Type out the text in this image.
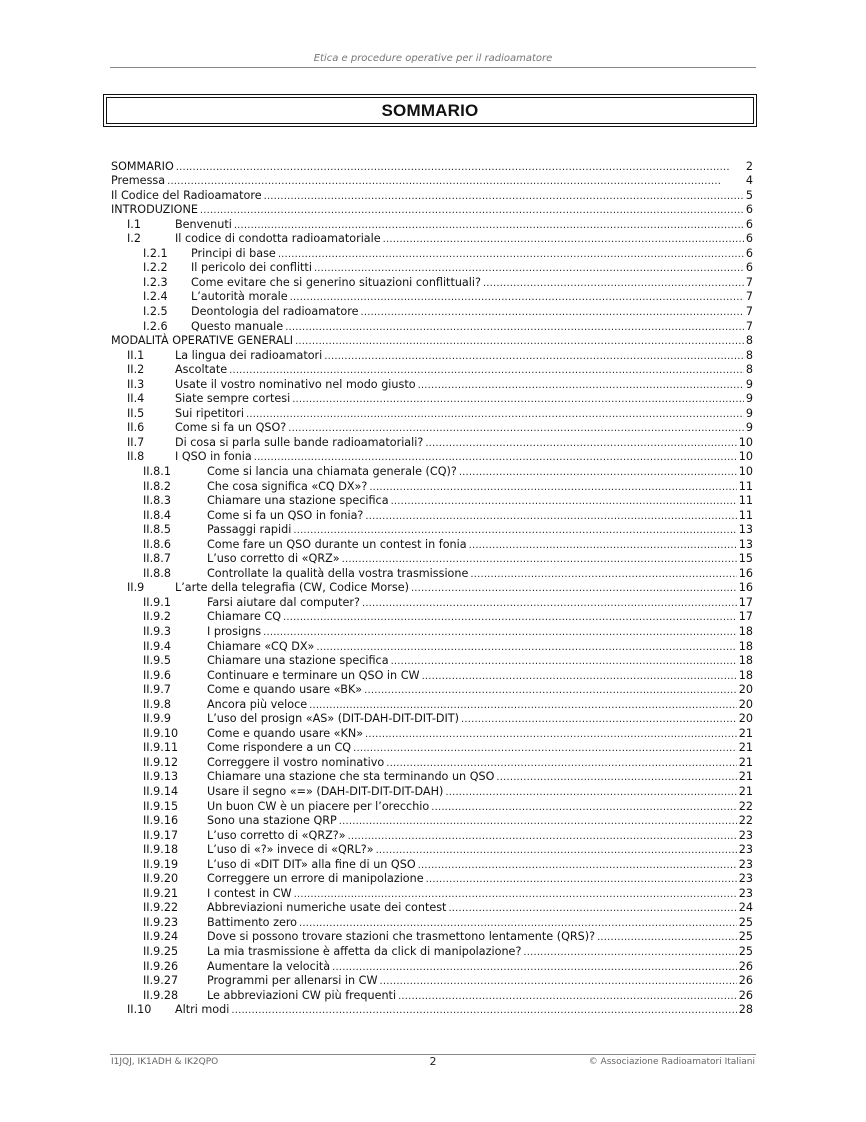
Etica e procedure operative per il radioamatore
SOMMARIO
SOMMARIO . . .	2
Premessa . . .	4
Il Codice del Radioamatore . . .	5
INTRODUZIONE . . .	6
I.1	Benvenuti . . .	6
I.2	Il codice di condotta radioamatoriale . . .	6
I.2.1	Principi di base . . .	6
I.2.2	Il pericolo dei conflitti . . .	6
I.2.3	Come evitare che si generino situazioni conflittuali? . . .	7
I.2.4	L’autorità morale . . .	7
I.2.5	Deontologia del radioamatore . . .	7
I.2.6	Questo manuale . . .	7
MODALITÀ OPERATIVE GENERALI . . .	8
II.1	La lingua dei radioamatori . . .	8
II.2	Ascoltate . . .	8
II.3	Usate il vostro nominativo nel modo giusto . . .	9
II.4	Siate sempre cortesi . . .	9
II.5	Sui ripetitori . . .	9
II.6	Come si fa un QSO? . . .	9
II.7	Di cosa si parla sulle bande radioamatoriali? . . .	10
II.8	I QSO in fonia . . .	10
II.8.1	Come si lancia una chiamata generale (CQ)? . . .	10
II.8.2	Che cosa significa «CQ DX»? . . .	11
II.8.3	Chiamare una stazione specifica . . .	11
II.8.4	Come si fa un QSO in fonia? . . .	11
II.8.5	Passaggi rapidi . . .	13
II.8.6	Come fare un QSO durante un contest in fonia . . .	13
II.8.7	L’uso corretto di «QRZ» . . .	15
II.8.8	Controllate la qualità della vostra trasmissione . . .	16
II.9	L’arte della telegrafia (CW, Codice Morse) . . .	16
II.9.1	Farsi aiutare dal computer? . . .	17
II.9.2	Chiamare CQ . . .	17
II.9.3	I prosigns . . .	18
II.9.4	Chiamare «CQ DX» . . .	18
II.9.5	Chiamare una stazione specifica . . .	18
II.9.6	Continuare e terminare un QSO in CW . . .	18
II.9.7	Come e quando usare «BK» . . .	20
II.9.8	Ancora più veloce . . .	20
II.9.9	L’uso del prosign «AS» (DIT-DAH-DIT-DIT-DIT) . . .	20
II.9.10	Come e quando usare «KN» . . .	21
II.9.11	Come rispondere a un CQ . . .	21
II.9.12	Correggere il vostro nominativo . . .	21
II.9.13	Chiamare una stazione che sta terminando un QSO . . .	21
II.9.14	Usare il segno «=» (DAH-DIT-DIT-DIT-DAH) . . .	21
II.9.15	Un buon CW è un piacere per l’orecchio . . .	22
II.9.16	Sono una stazione QRP . . .	22
II.9.17	L’uso corretto di «QRZ?» . . .	23
II.9.18	L’uso di «?» invece di «QRL?» . . .	23
II.9.19	L’uso di «DIT DIT» alla fine di un QSO . . .	23
II.9.20	Correggere un errore di manipolazione . . .	23
II.9.21	I contest in CW . . .	23
II.9.22	Abbreviazioni numeriche usate dei contest . . .	24
II.9.23	Battimento zero . . .	25
II.9.24	Dove si possono trovare stazioni che trasmettono lentamente (QRS)? . . .	25
II.9.25	La mia trasmissione è affetta da click di manipolazione? . . .	25
II.9.26	Aumentare la velocità . . .	26
II.9.27	Programmi per allenarsi in CW . . .	26
II.9.28	Le abbreviazioni CW più frequenti . . .	26
II.10	Altri modi . . .	28
I1JQJ, IK1ADH & IK2QPO	2	© Associazione Radioamatori Italiani
